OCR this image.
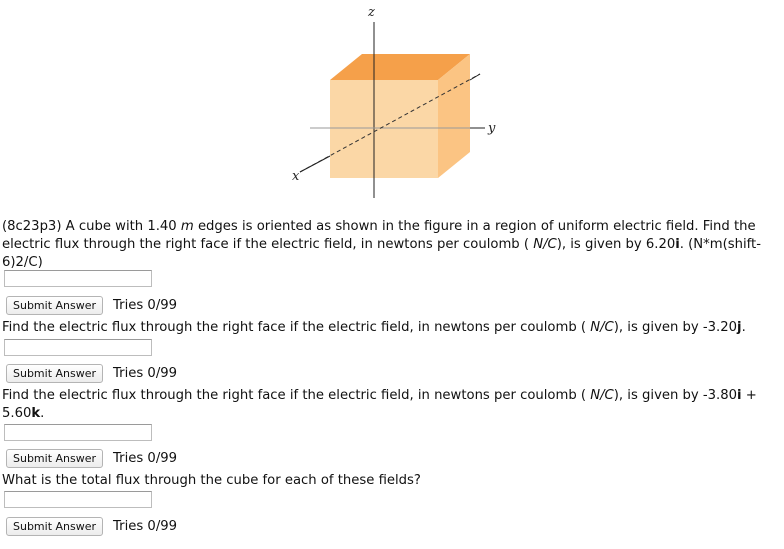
z
y
x

(8c23p3) A cube with 1.40 m edges is oriented as shown in the figure in a region of uniform electric field. Find the electric flux through the right face if the electric field, in newtons per coulomb ( N/C), is given by 6.20i. (N*m(shift-6)2/C)

Submit Answer	Tries 0/99

Find the electric flux through the right face if the electric field, in newtons per coulomb ( N/C), is given by -3.20j.

Submit Answer	Tries 0/99

Find the electric flux through the right face if the electric field, in newtons per coulomb ( N/C), is given by -3.80i + 5.60k.

Submit Answer	Tries 0/99

What is the total flux through the cube for each of these fields?

Submit Answer	Tries 0/99
